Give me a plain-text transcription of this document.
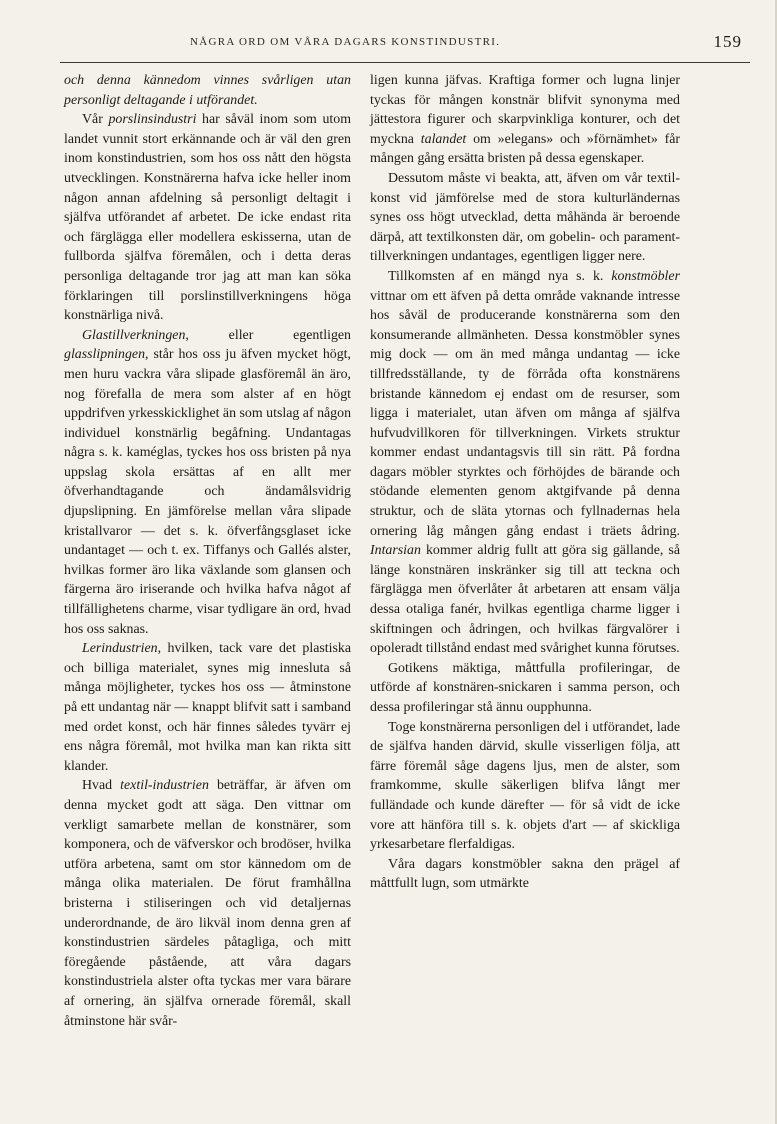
NÅGRA ORD OM VÅRA DAGARS KONSTINDUSTRI.	159

och denna kännedom vinnes svårligen utan personligt deltagande i utförandet.

Vår porslinsindustri har såväl inom som utom landet vunnit stort erkännande och är väl den gren inom konstindustrien, som hos oss nått den högsta utvecklingen. Konstnärerna hafva icke heller inom någon annan afdelning så personligt deltagit i själfva utförandet af arbetet. De icke endast rita och färglägga eller modellera eskisserna, utan de fullborda själfva föremålen, och i detta deras personliga deltagande tror jag att man kan söka förklaringen till porslinstillverkningens höga konstnärliga nivå.

Glastillverkningen, eller egentligen glasslipningen, står hos oss ju äfven mycket högt, men huru vackra våra slipade glasföremål än äro, nog förefalla de mera som alster af en högt uppdrifven yrkesskicklighet än som utslag af någon individuel konstnärlig begåfning. Undantagas några s. k. kaméglas, tyckes hos oss bristen på nya uppslag skola ersättas af en allt mer öfverhandtagande och ändamålsvidrig djupslipning. En jämförelse mellan våra slipade kristallvaror — det s. k. öfverfångsglaset icke undantaget — och t. ex. Tiffanys och Gallés alster, hvilkas former äro lika växlande som glansen och färgerna äro iriserande och hvilka hafva något af tillfällighetens charme, visar tydligare än ord, hvad hos oss saknas.

Lerindustrien, hvilken, tack vare det plastiska och billiga materialet, synes mig innesluta så många möjligheter, tyckes hos oss — åtminstone på ett undantag när — knappt blifvit satt i samband med ordet konst, och här finnes således tyvärr ej ens några föremål, mot hvilka man kan rikta sitt klander.

Hvad textil-industrien beträffar, är äfven om denna mycket godt att säga. Den vittnar om verkligt samarbete mellan de konstnärer, som komponera, och de väfverskor och brodöser, hvilka utföra arbetena, samt om stor kännedom om de många olika materialen. De förut framhållna bristerna i stiliseringen och vid detaljernas underordnande, de äro likväl inom denna gren af konstindustrien särdeles påtagliga, och mitt föregående påstående, att våra dagars konstindustriela alster ofta tyckas mer vara bärare af ornering, än själfva ornerade föremål, skall åtminstone här svår-

ligen kunna jäfvas. Kraftiga former och lugna linjer tyckas för mången konstnär blifvit synonyma med jättestora figurer och skarpvinkliga konturer, och det myckna talandet om »elegans» och »förnämhet» får mången gång ersätta bristen på dessa egenskaper.

Dessutom måste vi beakta, att, äfven om vår textil-konst vid jämförelse med de stora kulturländernas synes oss högt utvecklad, detta måhända är beroende därpå, att textilkonsten där, om gobelin- och parament-tillverkningen undantages, egentligen ligger nere.

Tillkomsten af en mängd nya s. k. konstmöbler vittnar om ett äfven på detta område vaknande intresse hos såväl de producerande konstnärerna som den konsumerande allmänheten. Dessa konstmöbler synes mig dock — om än med många undantag — icke tillfredsställande, ty de förråda ofta konstnärens bristande kännedom ej endast om de resurser, som ligga i materialet, utan äfven om många af själfva hufvudvillkoren för tillverkningen. Virkets struktur kommer endast undantagsvis till sin rätt. På fordna dagars möbler styrktes och förhöjdes de bärande och stödande elementen genom aktgifvande på denna struktur, och de släta ytornas och fyllnadernas hela ornering låg mången gång endast i träets ådring. Intarsian kommer aldrig fullt att göra sig gällande, så länge konstnären inskränker sig till att teckna och färglägga men öfverlåter åt arbetaren att ensam välja dessa otaliga fanér, hvilkas egentliga charme ligger i skiftningen och ådringen, och hvilkas färgvalörer i opoleradt tillstånd endast med svårighet kunna förutses.

Gotikens mäktiga, måttfulla profileringar, de utförde af konstnären-snickaren i samma person, och dessa profileringar stå ännu oupphunna.

Toge konstnärerna personligen del i utförandet, lade de själfva handen därvid, skulle visserligen följa, att färre föremål såge dagens ljus, men de alster, som framkomme, skulle säkerligen blifva långt mer fulländade och kunde därefter — för så vidt de icke vore att hänföra till s. k. objets d'art — af skickliga yrkesarbetare flerfaldigas.

Våra dagars konstmöbler sakna den prägel af måttfullt lugn, som utmärkte
